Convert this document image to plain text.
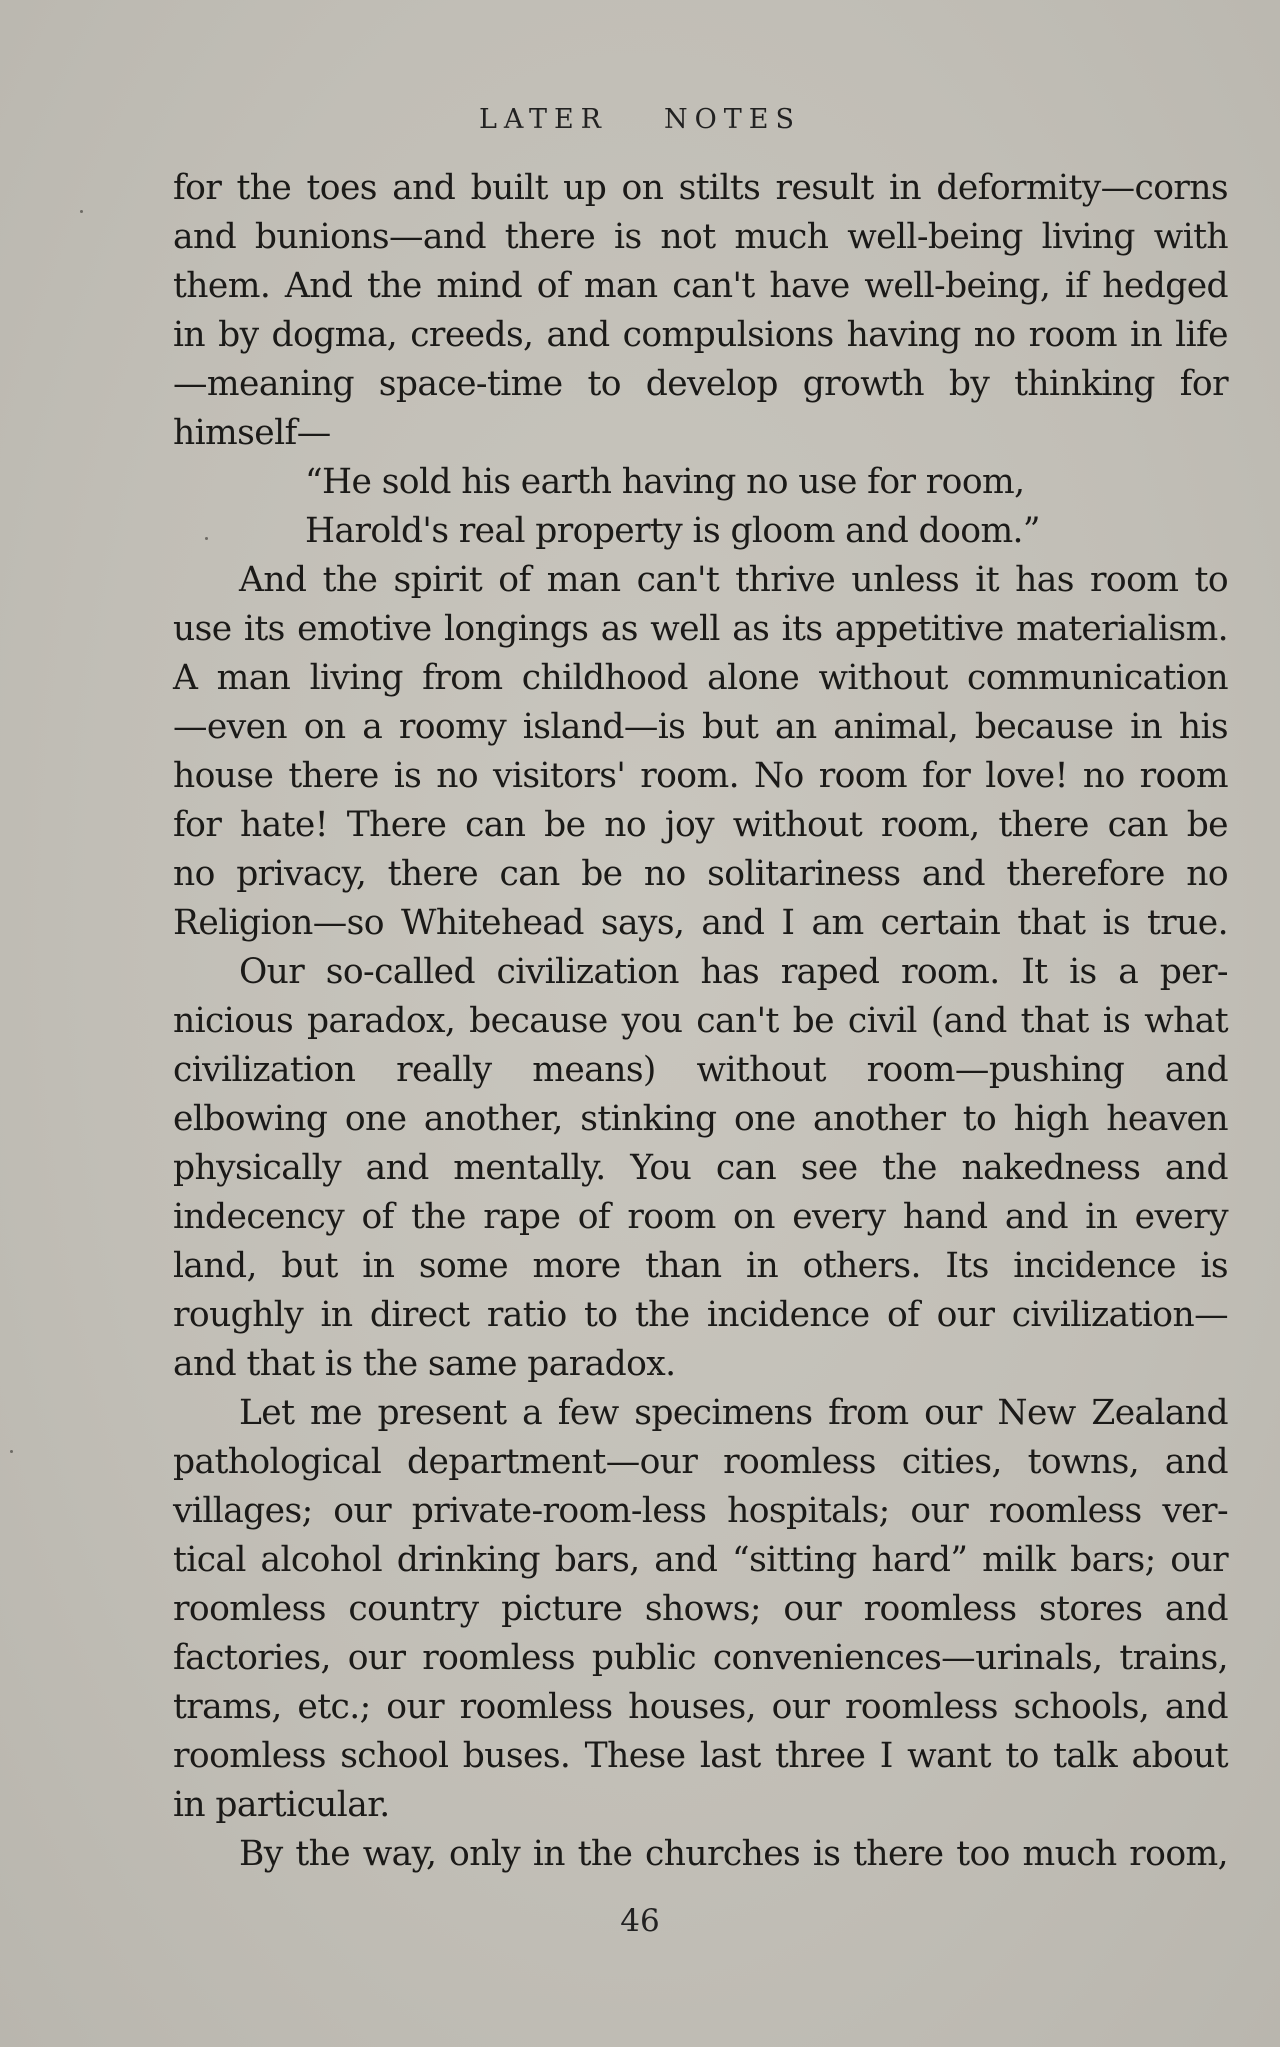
LATER NOTES
for the toes and built up on stilts result in deformity—corns
and bunions—and there is not much well-being living with
them. And the mind of man can't have well-being, if hedged
in by dogma, creeds, and compulsions having no room in life
—meaning space-time to develop growth by thinking for
himself—
“He sold his earth having no use for room,
Harold's real property is gloom and doom.”
And the spirit of man can't thrive unless it has room to
use its emotive longings as well as its appetitive materialism.
A man living from childhood alone without communication
—even on a roomy island—is but an animal, because in his
house there is no visitors' room. No room for love! no room
for hate! There can be no joy without room, there can be
no privacy, there can be no solitariness and therefore no
Religion—so Whitehead says, and I am certain that is true.
Our so-called civilization has raped room. It is a per-
nicious paradox, because you can't be civil (and that is what
civilization really means) without room—pushing and
elbowing one another, stinking one another to high heaven
physically and mentally. You can see the nakedness and
indecency of the rape of room on every hand and in every
land, but in some more than in others. Its incidence is
roughly in direct ratio to the incidence of our civilization—
and that is the same paradox.
Let me present a few specimens from our New Zealand
pathological department—our roomless cities, towns, and
villages; our private-room-less hospitals; our roomless ver-
tical alcohol drinking bars, and “sitting hard” milk bars; our
roomless country picture shows; our roomless stores and
factories, our roomless public conveniences—urinals, trains,
trams, etc.; our roomless houses, our roomless schools, and
roomless school buses. These last three I want to talk about
in particular.
By the way, only in the churches is there too much room,
46
